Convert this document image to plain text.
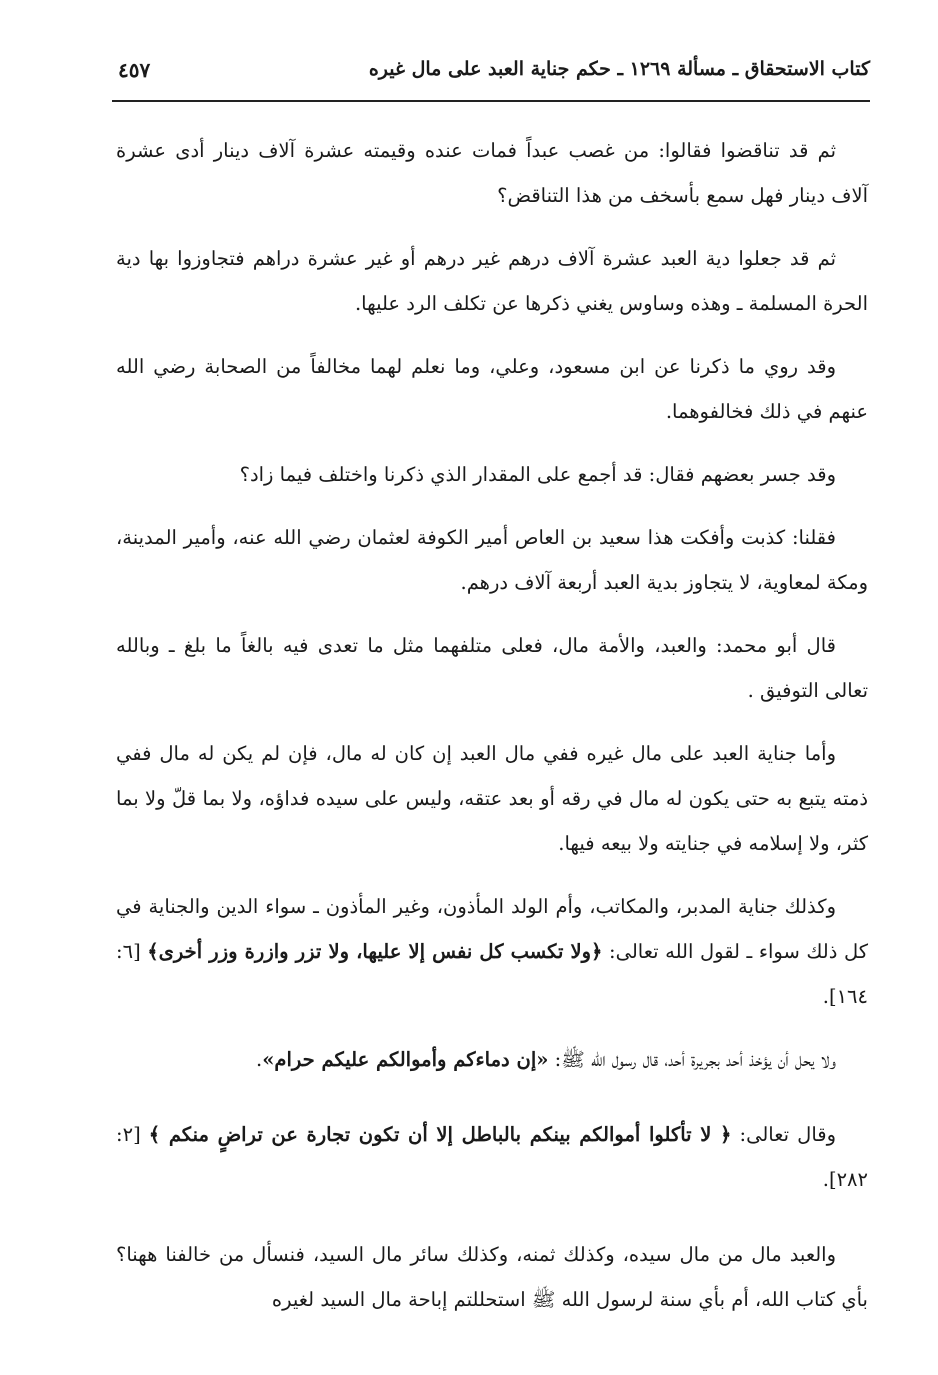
كتاب الاستحقاق ـ مسألة ١٢٦٩ ـ حكم جناية العبد على مال غيره
٤٥٧

ثم قد تناقضوا فقالوا: من غصب عبداً فمات عنده وقيمته عشرة آلاف دينار أدى عشرة آلاف دينار فهل سمع بأسخف من هذا التناقض؟

ثم قد جعلوا دية العبد عشرة آلاف درهم غير درهم أو غير عشرة دراهم فتجاوزوا بها دية الحرة المسلمة ـ وهذه وساوس يغني ذكرها عن تكلف الرد عليها.

وقد روي ما ذكرنا عن ابن مسعود، وعلي، وما نعلم لهما مخالفاً من الصحابة رضي الله عنهم في ذلك فخالفوهما.

وقد جسر بعضهم فقال: قد أجمع على المقدار الذي ذكرنا واختلف فيما زاد؟

فقلنا: كذبت وأفكت هذا سعيد بن العاص أمير الكوفة لعثمان رضي الله عنه، وأمير المدينة، ومكة لمعاوية، لا يتجاوز بدية العبد أربعة آلاف درهم.

قال أبو محمد: والعبد، والأمة مال، فعلى متلفهما مثل ما تعدى فيه بالغاً ما بلغ ـ وبالله تعالى التوفيق .

وأما جناية العبد على مال غيره ففي مال العبد إن كان له مال، فإن لم يكن له مال ففي ذمته يتبع به حتى يكون له مال في رقه أو بعد عتقه، وليس على سيده فداؤه، ولا بما قلّ ولا بما كثر، ولا إسلامه في جنايته ولا بيعه فيها.

وكذلك جناية المدبر، والمكاتب، وأم الولد المأذون، وغير المأذون ـ سواء الدين والجناية في كل ذلك سواء ـ لقول الله تعالى: ﴿ولا تكسب كل نفس إلا عليها، ولا تزر وازرة وزر أخرى﴾ [٦: ١٦٤].

ولا يحل أن يؤخذ أحد بجريرة أحد، قال رسول الله ﷺ: «إن دماءكم وأموالكم عليكم حرام».

وقال تعالى: ﴿ لا تأكلوا أموالكم بينكم بالباطل إلا أن تكون تجارة عن تراضٍ منكم ﴾ [٢: ٢٨٢].

والعبد مال من مال سيده، وكذلك ثمنه، وكذلك سائر مال السيد، فنسأل من خالفنا ههنا؟ بأي كتاب الله، أم بأي سنة لرسول الله ﷺ استحللتم إباحة مال السيد لغيره
